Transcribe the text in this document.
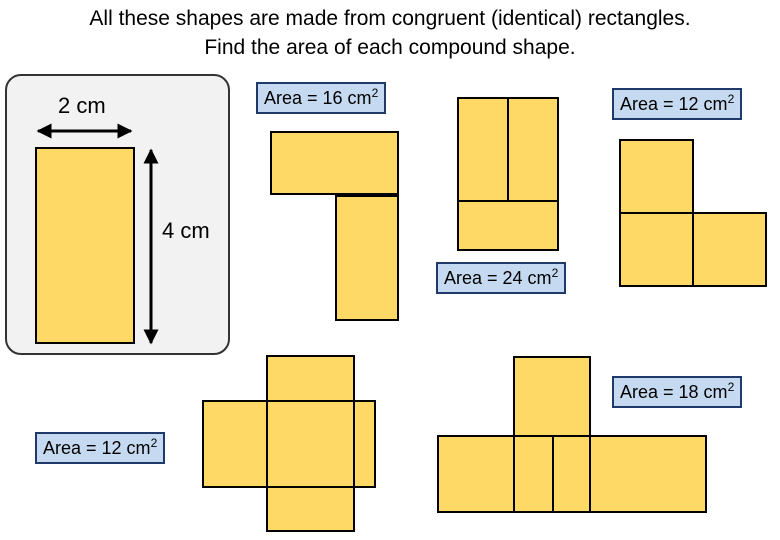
All these shapes are made from congruent (identical) rectangles.
Find the area of each compound shape.
2 cm
4 cm
Area = 16 $cm^2$
Area = 24 $cm^2$
Area = 12 $cm^2$
Area = 12 $cm^2$
Area = 18 $cm^2$
